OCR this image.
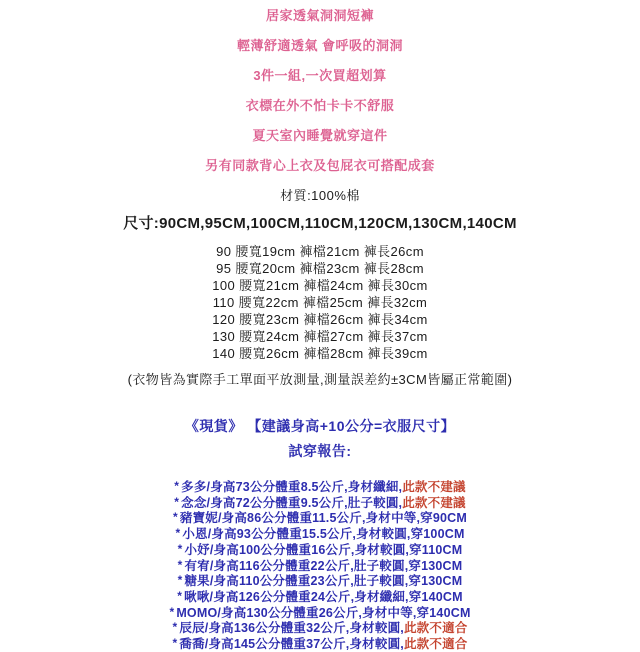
居家透氣洞洞短褲

輕薄舒適透氣 會呼吸的洞洞

3件一組,一次買超划算

衣標在外不怕卡卡不舒服

夏天室內睡覺就穿這件

另有同款背心上衣及包屁衣可搭配成套

材質:100%棉

尺寸:90CM,95CM,100CM,110CM,120CM,130CM,140CM

90 腰寬19cm 褲檔21cm 褲長26cm

95 腰寬20cm 褲檔23cm 褲長28cm

100 腰寬21cm 褲檔24cm 褲長30cm

110 腰寬22cm 褲檔25cm 褲長32cm

120 腰寬23cm 褲檔26cm 褲長34cm

130 腰寬24cm 褲檔27cm 褲長37cm

140 腰寬26cm 褲檔28cm 褲長39cm

(衣物皆為實際手工單面平放測量,測量誤差約±3CM皆屬正常範圍)

《現貨》 【建議身高+10公分=衣服尺寸】

試穿報告:

* 多多/身高73公分體重8.5公斤,身材纖細,此款不建議

* 念念/身高72公分體重9.5公斤,肚子較圓,此款不建議

* 豬寶妮/身高86公分體重11.5公斤,身材中等,穿90CM

* 小恩/身高93公分體重15.5公斤,身材較圓,穿100CM

* 小妤/身高100公分體重16公斤,身材較圓,穿110CM

* 有宥/身高116公分體重22公斤,肚子較圓,穿130CM

* 糖果/身高110公分體重23公斤,肚子較圓,穿130CM

* 啾啾/身高126公分體重24公斤,身材纖細,穿140CM

* MOMO/身高130公分體重26公斤,身材中等,穿140CM

* 辰辰/身高136公分體重32公斤,身材較圓,此款不適合

* 喬喬/身高145公分體重37公斤,身材較圓,此款不適合
